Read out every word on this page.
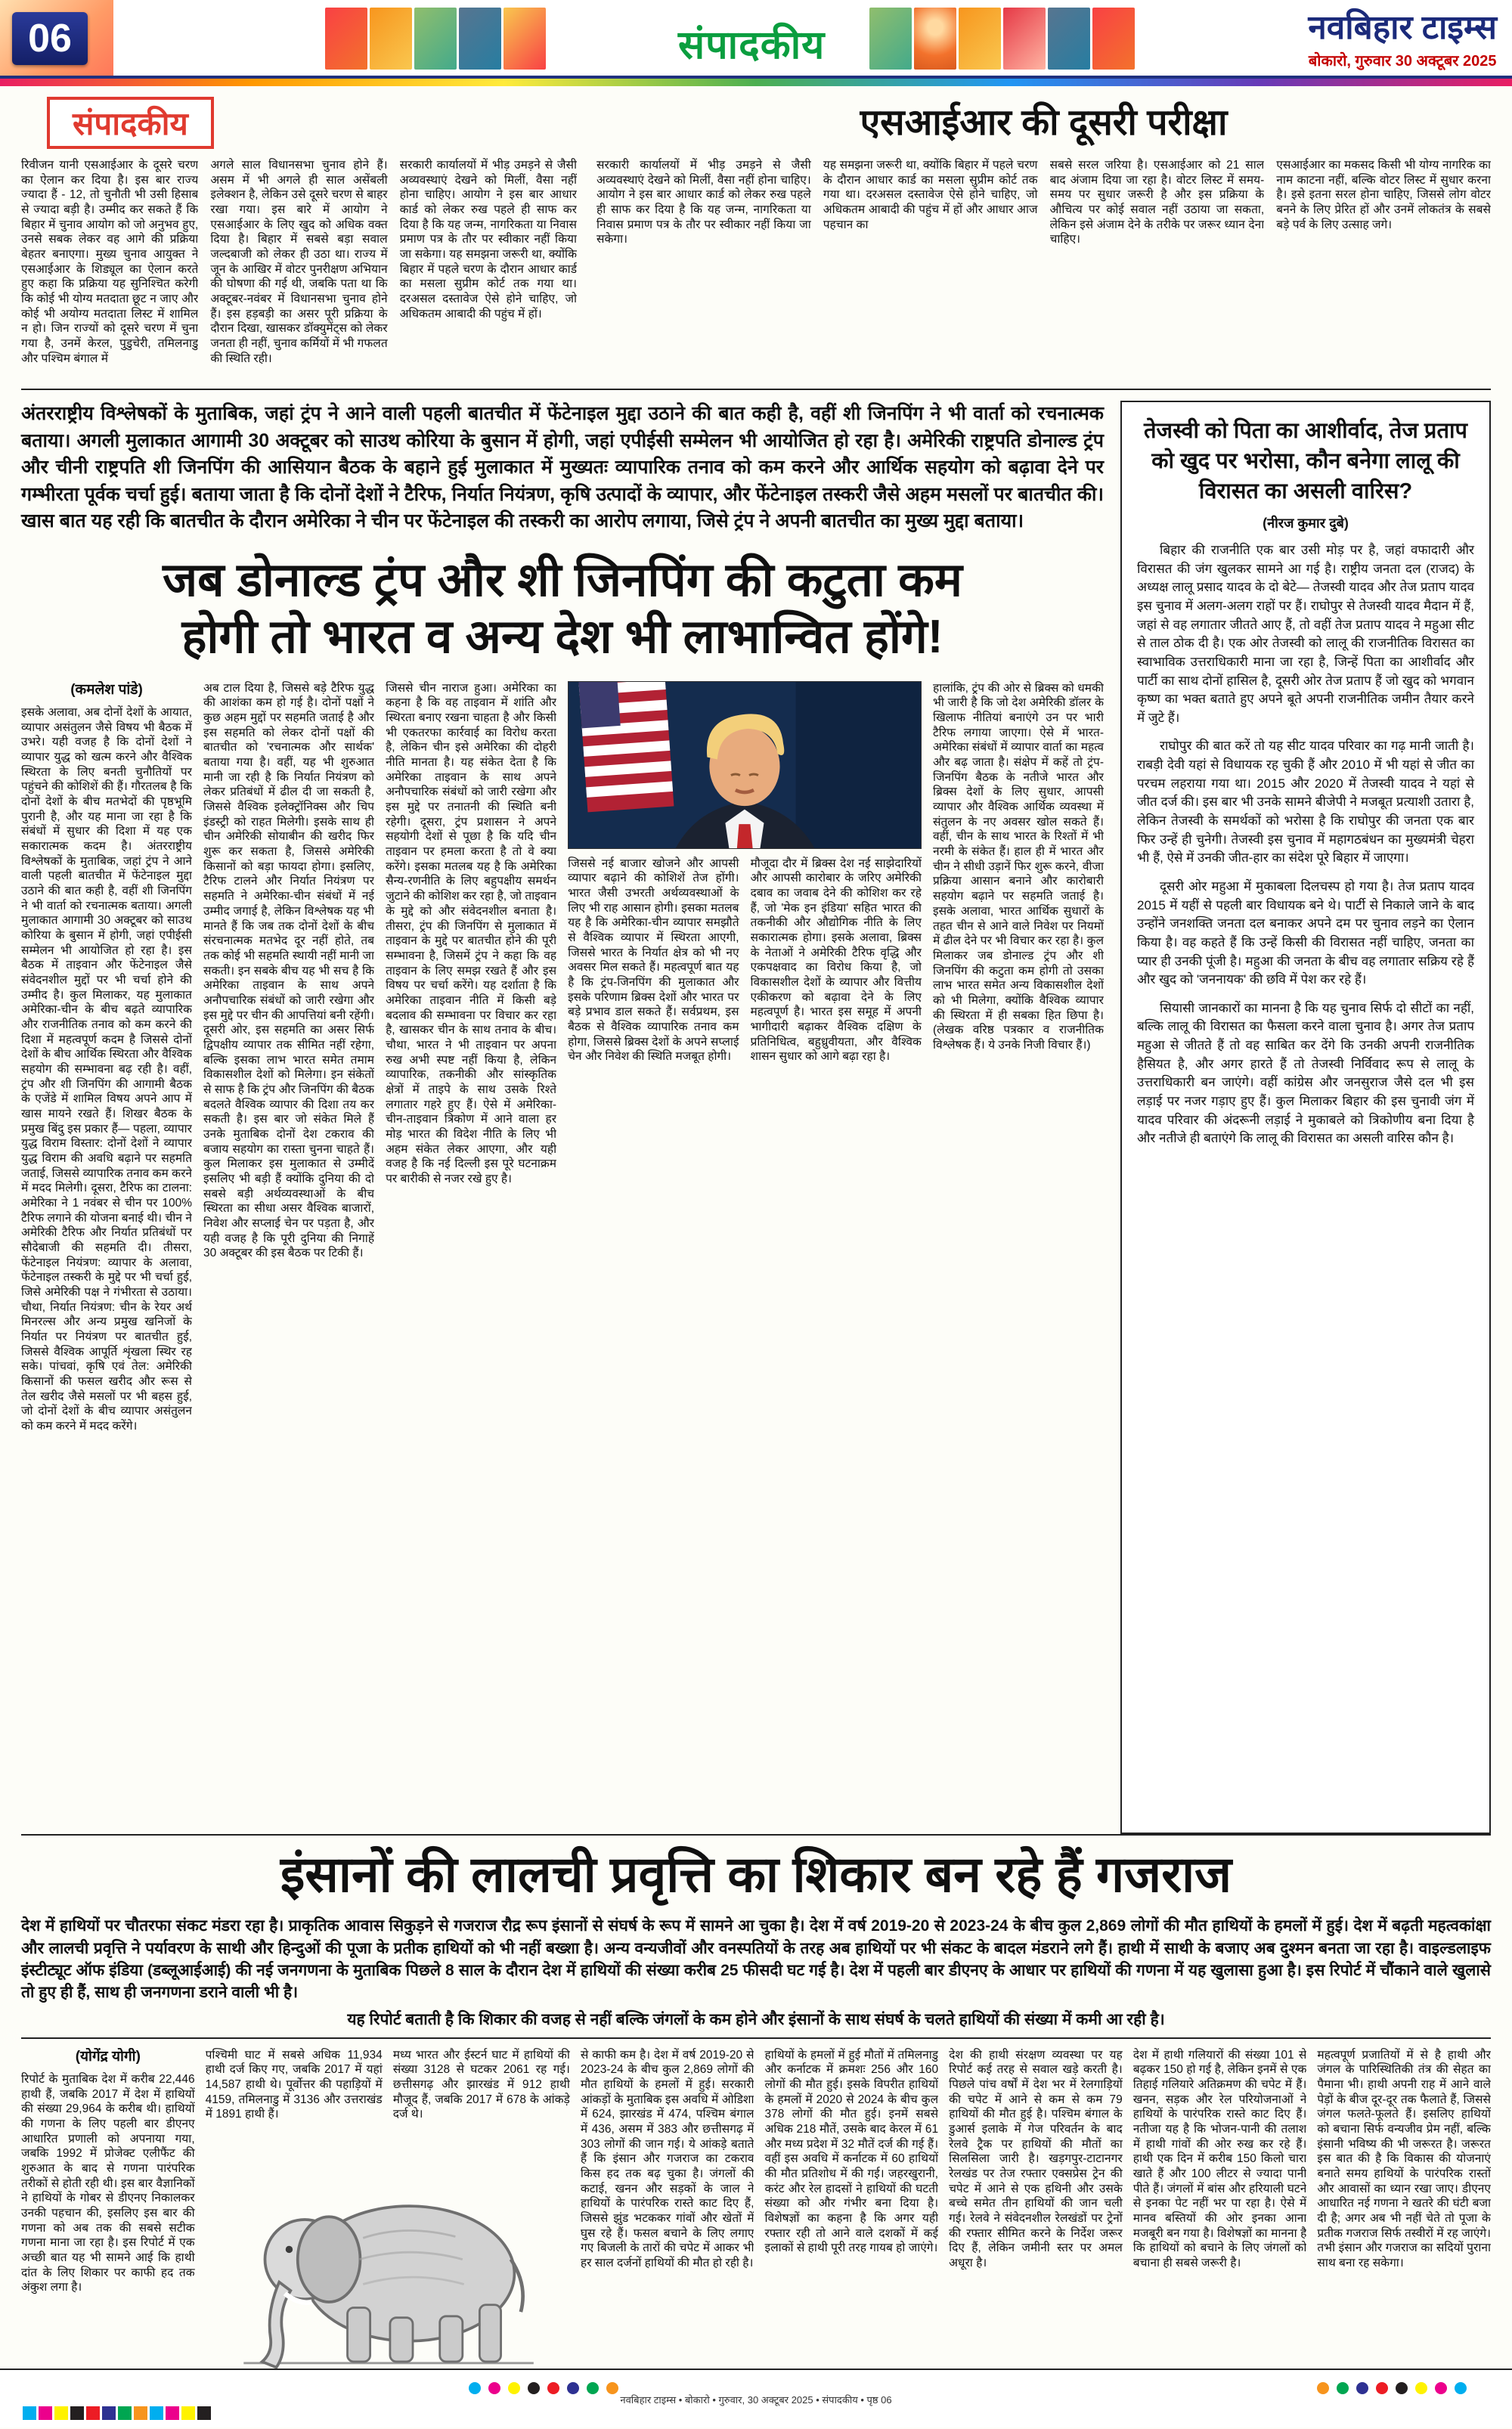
06	संपादकीय	नवबिहार टाइम्स
बोकारो, गुरुवार 30 अक्टूबर 2025
संपादकीय
रिवीजन यानी एसआईआर के दूसरे चरण का ऐलान कर दिया है। इस बार राज्य ज्यादा हैं - 12, तो चुनौती भी उसी हिसाब से ज्यादा बड़ी है। उम्मीद कर सकते हैं कि बिहार में चुनाव आयोग को जो अनुभव हुए, उनसे सबक लेकर वह आगे की प्रक्रिया बेहतर बनाएगा। मुख्य चुनाव आयुक्त ने एसआईआर के शिड्यूल का ऐलान करते हुए कहा कि प्रक्रिया यह सुनिश्चित करेगी कि कोई भी योग्य मतदाता छूट न जाए और कोई भी अयोग्य मतदाता लिस्ट में शामिल न हो। जिन राज्यों को दूसरे चरण में चुना गया है, उनमें केरल, पुडुचेरी, तमिलनाडु और पश्चिम बंगाल में
अगले साल विधानसभा चुनाव होने हैं। असम में भी अगले ही साल असेंबली इलेक्शन है, लेकिन उसे दूसरे चरण से बाहर रखा गया। इस बारे में आयोग ने एसआईआर के लिए खुद को अधिक वक्त दिया है। बिहार में सबसे बड़ा सवाल जल्दबाजी को लेकर ही उठा था। राज्य में जून के आखिर में वोटर पुनरीक्षण अभियान की घोषणा की गई थी, जबकि पता था कि अक्टूबर-नवंबर में विधानसभा चुनाव होने हैं। इस हड़बड़ी का असर पूरी प्रक्रिया के दौरान दिखा, खासकर डॉक्युमेंट्स को लेकर जनता ही नहीं, चुनाव कर्मियों में भी गफलत की स्थिति रही।
सरकारी कार्यालयों में भीड़ उमड़ने से जैसी अव्यवस्थाएं देखने को मिलीं, वैसा नहीं होना चाहिए। आयोग ने इस बार आधार कार्ड को लेकर रुख पहले ही साफ कर दिया है कि यह जन्म, नागरिकता या निवास प्रमाण पत्र के तौर पर स्वीकार नहीं किया जा सकेगा। यह समझना जरूरी था, क्योंकि बिहार में पहले चरण के दौरान आधार कार्ड का मसला सुप्रीम कोर्ट तक गया था। दरअसल दस्तावेज ऐसे होने चाहिए, जो अधिकतम आबादी की पहुंच में हों।
एसआईआर की दूसरी परीक्षा
सरकारी कार्यालयों में भीड़ उमड़ने से जैसी अव्यवस्थाएं देखने को मिलीं, वैसा नहीं होना चाहिए। आयोग ने इस बार आधार कार्ड को लेकर रुख पहले ही साफ कर दिया है कि यह जन्म, नागरिकता या निवास प्रमाण पत्र के तौर पर स्वीकार नहीं किया जा सकेगा।
यह समझना जरूरी था, क्योंकि बिहार में पहले चरण के दौरान आधार कार्ड का मसला सुप्रीम कोर्ट तक गया था। दरअसल दस्तावेज ऐसे होने चाहिए, जो अधिकतम आबादी की पहुंच में हों और आधार आज पहचान का
सबसे सरल जरिया है। एसआईआर को 21 साल बाद अंजाम दिया जा रहा है। वोटर लिस्ट में समय-समय पर सुधार जरूरी है और इस प्रक्रिया के औचित्य पर कोई सवाल नहीं उठाया जा सकता, लेकिन इसे अंजाम देने के तरीके पर जरूर ध्यान देना चाहिए।
एसआईआर का मकसद किसी भी योग्य नागरिक का नाम काटना नहीं, बल्कि वोटर लिस्ट में सुधार करना है। इसे इतना सरल होना चाहिए, जिससे लोग वोटर बनने के लिए प्रेरित हों और उनमें लोकतंत्र के सबसे बड़े पर्व के लिए उत्साह जगे।

अंतरराष्ट्रीय विश्लेषकों के मुताबिक, जहां ट्रंप ने आने वाली पहली बातचीत में फेंटेनाइल मुद्दा उठाने की बात कही है, वहीं शी जिनपिंग ने भी वार्ता को रचनात्मक बताया। अगली मुलाकात आगामी 30 अक्टूबर को साउथ कोरिया के बुसान में होगी, जहां एपीईसी सम्मेलन भी आयोजित हो रहा है। अमेरिकी राष्ट्रपति डोनाल्ड ट्रंप और चीनी राष्ट्रपति शी जिनपिंग की आसियान बैठक के बहाने हुई मुलाकात में मुख्यतः व्यापारिक तनाव को कम करने और आर्थिक सहयोग को बढ़ावा देने पर गम्भीरता पूर्वक चर्चा हुई। बताया जाता है कि दोनों देशों ने टैरिफ, निर्यात नियंत्रण, कृषि उत्पादों के व्यापार, और फेंटेनाइल तस्करी जैसे अहम मसलों पर बातचीत की। खास बात यह रही कि बातचीत के दौरान अमेरिका ने चीन पर फेंटेनाइल की तस्करी का आरोप लगाया, जिसे ट्रंप ने अपनी बातचीत का मुख्य मुद्दा बताया।

जब डोनाल्ड ट्रंप और शी जिनपिंग की कटुता कम
होगी तो भारत व अन्य देश भी लाभान्वित होंगे!
(कमलेश पांडे)
इसके अलावा, अब दोनों देशों के आयात, व्यापार असंतुलन जैसे विषय भी बैठक में उभरे। यही वजह है कि दोनों देशों ने व्यापार युद्ध को खत्म करने और वैश्विक स्थिरता के लिए बनती चुनौतियों पर पहुंचने की कोशिशें की हैं। गौरतलब है कि दोनों देशों के बीच मतभेदों की पृष्ठभूमि पुरानी है, और यह माना जा रहा है कि संबंधों में सुधार की दिशा में यह एक सकारात्मक कदम है। अंतरराष्ट्रीय विश्लेषकों के मुताबिक, जहां ट्रंप ने आने वाली पहली बातचीत में फेंटेनाइल मुद्दा उठाने की बात कही है, वहीं शी जिनपिंग ने भी वार्ता को रचनात्मक बताया। अगली मुलाकात आगामी 30 अक्टूबर को साउथ कोरिया के बुसान में होगी, जहां एपीईसी सम्मेलन भी आयोजित हो रहा है। इस बैठक में ताइवान और फेंटेनाइल जैसे संवेदनशील मुद्दों पर भी चर्चा होने की उम्मीद है। कुल मिलाकर, यह मुलाकात अमेरिका-चीन के बीच बढ़ते व्यापारिक और राजनीतिक तनाव को कम करने की दिशा में महत्वपूर्ण कदम है जिससे दोनों देशों के बीच आर्थिक स्थिरता और वैश्विक सहयोग की सम्भावना बढ़ रही है। वहीं, ट्रंप और शी जिनपिंग की आगामी बैठक के एजेंडे में शामिल विषय अपने आप में खास मायने रखते हैं। शिखर बैठक के प्रमुख बिंदु इस प्रकार हैं— पहला, व्यापार युद्ध विराम विस्तार: दोनों देशों ने व्यापार युद्ध विराम की अवधि बढ़ाने पर सहमति जताई, जिससे व्यापारिक तनाव कम करने में मदद मिलेगी। दूसरा, टैरिफ का टालना: अमेरिका ने 1 नवंबर से चीन पर 100% टैरिफ लगाने की योजना बनाई थी। चीन ने अमेरिकी टैरिफ और निर्यात प्रतिबंधों पर सौदेबाजी की सहमति दी। तीसरा, फेंटेनाइल नियंत्रण: व्यापार के अलावा, फेंटेनाइल तस्करी के मुद्दे पर भी चर्चा हुई, जिसे अमेरिकी पक्ष ने गंभीरता से उठाया। चौथा, निर्यात नियंत्रण: चीन के रेयर अर्थ मिनरल्स और अन्य प्रमुख खनिजों के निर्यात पर नियंत्रण पर बातचीत हुई, जिससे वैश्विक आपूर्ति शृंखला स्थिर रह सके। पांचवां, कृषि एवं तेल: अमेरिकी किसानों की फसल खरीद और रूस से तेल खरीद जैसे मसलों पर भी बहस हुई, जो दोनों देशों के बीच व्यापार असंतुलन को कम करने में मदद करेंगे।
अब टाल दिया है, जिससे बड़े टैरिफ युद्ध की आशंका कम हो गई है। दोनों पक्षों ने कुछ अहम मुद्दों पर सहमति जताई है और इस सहमति को लेकर दोनों पक्षों की बातचीत को 'रचनात्मक और सार्थक' बताया गया है। वहीं, यह भी शुरुआत मानी जा रही है कि निर्यात नियंत्रण को लेकर प्रतिबंधों में ढील दी जा सकती है, जिससे वैश्विक इलेक्ट्रॉनिक्स और चिप इंडस्ट्री को राहत मिलेगी। इसके साथ ही चीन अमेरिकी सोयाबीन की खरीद फिर शुरू कर सकता है, जिससे अमेरिकी किसानों को बड़ा फायदा होगा। इसलिए, टैरिफ टालने और निर्यात नियंत्रण पर सहमति ने अमेरिका-चीन संबंधों में नई उम्मीद जगाई है, लेकिन विश्लेषक यह भी मानते हैं कि जब तक दोनों देशों के बीच संरचनात्मक मतभेद दूर नहीं होते, तब तक कोई भी सहमति स्थायी नहीं मानी जा सकती। इन सबके बीच यह भी सच है कि अमेरिका ताइवान के साथ अपने अनौपचारिक संबंधों को जारी रखेगा और इस मुद्दे पर चीन की आपत्तियां बनी रहेंगी। दूसरी ओर, इस सहमति का असर सिर्फ द्विपक्षीय व्यापार तक सीमित नहीं रहेगा, बल्कि इसका लाभ भारत समेत तमाम विकासशील देशों को मिलेगा। इन संकेतों से साफ है कि ट्रंप और जिनपिंग की बैठक बदलते वैश्विक व्यापार की दिशा तय कर सकती है। इस बार जो संकेत मिले हैं उनके मुताबिक दोनों देश टकराव की बजाय सहयोग का रास्ता चुनना चाहते हैं। कुल मिलाकर इस मुलाकात से उम्मीदें इसलिए भी बड़ी हैं क्योंकि दुनिया की दो सबसे बड़ी अर्थव्यवस्थाओं के बीच स्थिरता का सीधा असर वैश्विक बाजारों, निवेश और सप्लाई चेन पर पड़ता है, और यही वजह है कि पूरी दुनिया की निगाहें 30 अक्टूबर की इस बैठक पर टिकी हैं।
जिससे चीन नाराज हुआ। अमेरिका का कहना है कि वह ताइवान में शांति और स्थिरता बनाए रखना चाहता है और किसी भी एकतरफा कार्रवाई का विरोध करता है, लेकिन चीन इसे अमेरिका की दोहरी नीति मानता है। यह संकेत देता है कि अमेरिका ताइवान के साथ अपने अनौपचारिक संबंधों को जारी रखेगा और इस मुद्दे पर तनातनी की स्थिति बनी रहेगी। दूसरा, ट्रंप प्रशासन ने अपने सहयोगी देशों से पूछा है कि यदि चीन ताइवान पर हमला करता है तो वे क्या करेंगे। इसका मतलब यह है कि अमेरिका सैन्य-रणनीति के लिए बहुपक्षीय समर्थन जुटाने की कोशिश कर रहा है, जो ताइवान के मुद्दे को और संवेदनशील बनाता है। तीसरा, ट्रंप की जिनपिंग से मुलाकात में ताइवान के मुद्दे पर बातचीत होने की पूरी सम्भावना है, जिसमें ट्रंप ने कहा कि वह ताइवान के लिए समझ रखते हैं और इस विषय पर चर्चा करेंगे। यह दर्शाता है कि अमेरिका ताइवान नीति में किसी बड़े बदलाव की सम्भावना पर विचार कर रहा है, खासकर चीन के साथ तनाव के बीच। चौथा, भारत ने भी ताइवान पर अपना रुख अभी स्पष्ट नहीं किया है, लेकिन व्यापारिक, तकनीकी और सांस्कृतिक क्षेत्रों में ताइपे के साथ उसके रिश्ते लगातार गहरे हुए हैं। ऐसे में अमेरिका-चीन-ताइवान त्रिकोण में आने वाला हर मोड़ भारत की विदेश नीति के लिए भी अहम संकेत लेकर आएगा, और यही वजह है कि नई दिल्ली इस पूरे घटनाक्रम पर बारीकी से नजर रखे हुए है।
जिससे नई बाजार खोजने और आपसी व्यापार बढ़ाने की कोशिशें तेज होंगी। भारत जैसी उभरती अर्थव्यवस्थाओं के लिए भी राह आसान होगी। इसका मतलब यह है कि अमेरिका-चीन व्यापार समझौते से वैश्विक व्यापार में स्थिरता आएगी, जिससे भारत के निर्यात क्षेत्र को भी नए अवसर मिल सकते हैं। महत्वपूर्ण बात यह है कि ट्रंप-जिनपिंग की मुलाकात और इसके परिणाम ब्रिक्स देशों और भारत पर बड़े प्रभाव डाल सकते हैं। सर्वप्रथम, इस बैठक से वैश्विक व्यापारिक तनाव कम होगा, जिससे ब्रिक्स देशों के अपने सप्लाई चेन और निवेश की स्थिति मजबूत होगी।
मौजूदा दौर में ब्रिक्स देश नई साझेदारियों और आपसी कारोबार के जरिए अमेरिकी दबाव का जवाब देने की कोशिश कर रहे हैं, जो 'मेक इन इंडिया' सहित भारत की तकनीकी और औद्योगिक नीति के लिए सकारात्मक होगा। इसके अलावा, ब्रिक्स के नेताओं ने अमेरिकी टैरिफ वृद्धि और एकपक्षवाद का विरोध किया है, जो विकासशील देशों के व्यापार और वित्तीय एकीकरण को बढ़ावा देने के लिए महत्वपूर्ण है। भारत इस समूह में अपनी भागीदारी बढ़ाकर वैश्विक दक्षिण के प्रतिनिधित्व, बहुध्रुवीयता, और वैश्विक शासन सुधार को आगे बढ़ा रहा है।
हालांकि, ट्रंप की ओर से ब्रिक्स को धमकी भी जारी है कि जो देश अमेरिकी डॉलर के खिलाफ नीतियां बनाएंगे उन पर भारी टैरिफ लगाया जाएगा। ऐसे में भारत-अमेरिका संबंधों में व्यापार वार्ता का महत्व और बढ़ जाता है। संक्षेप में कहें तो ट्रंप-जिनपिंग बैठक के नतीजे भारत और ब्रिक्स देशों के लिए सुधार, आपसी व्यापार और वैश्विक आर्थिक व्यवस्था में संतुलन के नए अवसर खोल सकते हैं। वहीं, चीन के साथ भारत के रिश्तों में भी नरमी के संकेत हैं। हाल ही में भारत और चीन ने सीधी उड़ानें फिर शुरू करने, वीजा प्रक्रिया आसान बनाने और कारोबारी सहयोग बढ़ाने पर सहमति जताई है। इसके अलावा, भारत आर्थिक सुधारों के तहत चीन से आने वाले निवेश पर नियमों में ढील देने पर भी विचार कर रहा है। कुल मिलाकर जब डोनाल्ड ट्रंप और शी जिनपिंग की कटुता कम होगी तो उसका लाभ भारत समेत अन्य विकासशील देशों को भी मिलेगा, क्योंकि वैश्विक व्यापार की स्थिरता में ही सबका हित छिपा है। (लेखक वरिष्ठ पत्रकार व राजनीतिक विश्लेषक हैं। ये उनके निजी विचार हैं।)
तेजस्वी को पिता का आशीर्वाद, तेज प्रताप को खुद पर भरोसा, कौन बनेगा लालू की विरासत का असली वारिस?
(नीरज कुमार दुबे)

बिहार की राजनीति एक बार उसी मोड़ पर है, जहां वफादारी और विरासत की जंग खुलकर सामने आ गई है। राष्ट्रीय जनता दल (राजद) के अध्यक्ष लालू प्रसाद यादव के दो बेटे— तेजस्वी यादव और तेज प्रताप यादव इस चुनाव में अलग-अलग राहों पर हैं। राघोपुर से तेजस्वी यादव मैदान में हैं, जहां से वह लगातार जीतते आए हैं, तो वहीं तेज प्रताप यादव ने महुआ सीट से ताल ठोक दी है। एक ओर तेजस्वी को लालू की राजनीतिक विरासत का स्वाभाविक उत्तराधिकारी माना जा रहा है, जिन्हें पिता का आशीर्वाद और पार्टी का साथ दोनों हासिल है, दूसरी ओर तेज प्रताप हैं जो खुद को भगवान कृष्ण का भक्त बताते हुए अपने बूते अपनी राजनीतिक जमीन तैयार करने में जुटे हैं।

राघोपुर की बात करें तो यह सीट यादव परिवार का गढ़ मानी जाती है। राबड़ी देवी यहां से विधायक रह चुकी हैं और 2010 में भी यहां से जीत का परचम लहराया गया था। 2015 और 2020 में तेजस्वी यादव ने यहां से जीत दर्ज की। इस बार भी उनके सामने बीजेपी ने मजबूत प्रत्याशी उतारा है, लेकिन तेजस्वी के समर्थकों को भरोसा है कि राघोपुर की जनता एक बार फिर उन्हें ही चुनेगी। तेजस्वी इस चुनाव में महागठबंधन का मुख्यमंत्री चेहरा भी हैं, ऐसे में उनकी जीत-हार का संदेश पूरे बिहार में जाएगा।

दूसरी ओर महुआ में मुकाबला दिलचस्प हो गया है। तेज प्रताप यादव 2015 में यहीं से पहली बार विधायक बने थे। पार्टी से निकाले जाने के बाद उन्होंने जनशक्ति जनता दल बनाकर अपने दम पर चुनाव लड़ने का ऐलान किया है। वह कहते हैं कि उन्हें किसी की विरासत नहीं चाहिए, जनता का प्यार ही उनकी पूंजी है। महुआ की जनता के बीच वह लगातार सक्रिय रहे हैं और खुद को 'जननायक' की छवि में पेश कर रहे हैं।

सियासी जानकारों का मानना है कि यह चुनाव सिर्फ दो सीटों का नहीं, बल्कि लालू की विरासत का फैसला करने वाला चुनाव है। अगर तेज प्रताप महुआ से जीतते हैं तो वह साबित कर देंगे कि उनकी अपनी राजनीतिक हैसियत है, और अगर हारते हैं तो तेजस्वी निर्विवाद रूप से लालू के उत्तराधिकारी बन जाएंगे। वहीं कांग्रेस और जनसुराज जैसे दल भी इस लड़ाई पर नजर गड़ाए हुए हैं। कुल मिलाकर बिहार की इस चुनावी जंग में यादव परिवार की अंदरूनी लड़ाई ने मुकाबले को त्रिकोणीय बना दिया है और नतीजे ही बताएंगे कि लालू की विरासत का असली वारिस कौन है।

इंसानों की लालची प्रवृत्ति का शिकार बन रहे हैं गजराज

देश में हाथियों पर चौतरफा संकट मंडरा रहा है। प्राकृतिक आवास सिकुड़ने से गजराज रौद्र रूप इंसानों से संघर्ष के रूप में सामने आ चुका है। देश में वर्ष 2019-20 से 2023-24 के बीच कुल 2,869 लोगों की मौत हाथियों के हमलों में हुई। देश में बढ़ती महत्वकांक्षा और लालची प्रवृत्ति ने पर्यावरण के साथी और हिन्दुओं की पूजा के प्रतीक हाथियों को भी नहीं बख्शा है। अन्य वन्यजीवों और वनस्पतियों के तरह अब हाथियों पर भी संकट के बादल मंडराने लगे हैं। हाथी में साथी के बजाए अब दुश्मन बनता जा रहा है। वाइल्डलाइफ इंस्टीट्यूट ऑफ इंडिया (डब्लूआईआई) की नई जनगणना के मुताबिक पिछले 8 साल के दौरान देश में हाथियों की संख्या करीब 25 फीसदी घट गई है। देश में पहली बार डीएनए के आधार पर हाथियों की गणना में यह खुलासा हुआ है। इस रिपोर्ट में चौंकाने वाले खुलासे तो हुए ही हैं, साथ ही जनगणना डराने वाली भी है।

यह रिपोर्ट बताती है कि शिकार की वजह से नहीं बल्कि जंगलों के कम होने और इंसानों के साथ संघर्ष के चलते हाथियों की संख्या में कमी आ रही है।

(योगेंद्र योगी)
रिपोर्ट के मुताबिक देश में करीब 22,446 हाथी हैं, जबकि 2017 में देश में हाथियों की संख्या 29,964 के करीब थी। हाथियों की गणना के लिए पहली बार डीएनए आधारित प्रणाली को अपनाया गया, जबकि 1992 में प्रोजेक्ट एलीफैंट की शुरुआत के बाद से गणना पारंपरिक तरीकों से होती रही थी। इस बार वैज्ञानिकों ने हाथियों के गोबर से डीएनए निकालकर उनकी पहचान की, इसलिए इस बार की गणना को अब तक की सबसे सटीक गणना माना जा रहा है। इस रिपोर्ट में एक अच्छी बात यह भी सामने आई कि हाथी दांत के लिए शिकार पर काफी हद तक अंकुश लगा है।
पश्चिमी घाट में सबसे अधिक 11,934 हाथी दर्ज किए गए, जबकि 2017 में यहां 14,587 हाथी थे। पूर्वोत्तर की पहाड़ियों में 4159, तमिलनाडु में 3136 और उत्तराखंड में 1891 हाथी हैं।
मध्य भारत और ईस्टर्न घाट में हाथियों की संख्या 3128 से घटकर 2061 रह गई। छत्तीसगढ़ और झारखंड में 912 हाथी मौजूद हैं, जबकि 2017 में 678 के आंकड़े दर्ज थे।
से काफी कम है। देश में वर्ष 2019-20 से 2023-24 के बीच कुल 2,869 लोगों की मौत हाथियों के हमलों में हुई। सरकारी आंकड़ों के मुताबिक इस अवधि में ओडिशा में 624, झारखंड में 474, पश्चिम बंगाल में 436, असम में 383 और छत्तीसगढ़ में 303 लोगों की जान गई। ये आंकड़े बताते हैं कि इंसान और गजराज का टकराव किस हद तक बढ़ चुका है। जंगलों की कटाई, खनन और सड़कों के जाल ने हाथियों के पारंपरिक रास्ते काट दिए हैं, जिससे झुंड भटककर गांवों और खेतों में घुस रहे हैं। फसल बचाने के लिए लगाए गए बिजली के तारों की चपेट में आकर भी हर साल दर्जनों हाथियों की मौत हो रही है।
हाथियों के हमलों में हुई मौतों में तमिलनाडु और कर्नाटक में क्रमशः 256 और 160 लोगों की मौत हुई। इसके विपरीत हाथियों के हमलों में 2020 से 2024 के बीच कुल 378 लोगों की मौत हुई। इनमें सबसे अधिक 218 मौतें, उसके बाद केरल में 61 और मध्य प्रदेश में 32 मौतें दर्ज की गई हैं। वहीं इस अवधि में कर्नाटक में 60 हाथियों की मौत प्रतिशोध में की गई। जहरखुरानी, करंट और रेल हादसों ने हाथियों की घटती संख्या को और गंभीर बना दिया है। विशेषज्ञों का कहना है कि अगर यही रफ्तार रही तो आने वाले दशकों में कई इलाकों से हाथी पूरी तरह गायब हो जाएंगे।
देश की हाथी संरक्षण व्यवस्था पर यह रिपोर्ट कई तरह से सवाल खड़े करती है। पिछले पांच वर्षों में देश भर में रेलगाड़ियों की चपेट में आने से कम से कम 79 हाथियों की मौत हुई है। पश्चिम बंगाल के डुआर्स इलाके में गेज परिवर्तन के बाद रेलवे ट्रैक पर हाथियों की मौतों का सिलसिला जारी है। खड़गपुर-टाटानगर रेलखंड पर तेज रफ्तार एक्सप्रेस ट्रेन की चपेट में आने से एक हथिनी और उसके बच्चे समेत तीन हाथियों की जान चली गई। रेलवे ने संवेदनशील रेलखंडों पर ट्रेनों की रफ्तार सीमित करने के निर्देश जरूर दिए हैं, लेकिन जमीनी स्तर पर अमल अधूरा है।
देश में हाथी गलियारों की संख्या 101 से बढ़कर 150 हो गई है, लेकिन इनमें से एक तिहाई गलियारे अतिक्रमण की चपेट में हैं। खनन, सड़क और रेल परियोजनाओं ने हाथियों के पारंपरिक रास्ते काट दिए हैं। नतीजा यह है कि भोजन-पानी की तलाश में हाथी गांवों की ओर रुख कर रहे हैं। हाथी एक दिन में करीब 150 किलो चारा खाते हैं और 100 लीटर से ज्यादा पानी पीते हैं। जंगलों में बांस और हरियाली घटने से इनका पेट नहीं भर पा रहा है। ऐसे में मानव बस्तियों की ओर इनका आना मजबूरी बन गया है। विशेषज्ञों का मानना है कि हाथियों को बचाने के लिए जंगलों को बचाना ही सबसे जरूरी है।
महत्वपूर्ण प्रजातियों में से है हाथी और जंगल के पारिस्थितिकी तंत्र की सेहत का पैमाना भी। हाथी अपनी राह में आने वाले पेड़ों के बीज दूर-दूर तक फैलाते हैं, जिससे जंगल फलते-फूलते हैं। इसलिए हाथियों को बचाना सिर्फ वन्यजीव प्रेम नहीं, बल्कि इंसानी भविष्य की भी जरूरत है। जरूरत इस बात की है कि विकास की योजनाएं बनाते समय हाथियों के पारंपरिक रास्तों और आवासों का ध्यान रखा जाए। डीएनए आधारित नई गणना ने खतरे की घंटी बजा दी है; अगर अब भी नहीं चेते तो पूजा के प्रतीक गजराज सिर्फ तस्वीरों में रह जाएंगे। तभी इंसान और गजराज का सदियों पुराना साथ बना रह सकेगा।
नवबिहार टाइम्स • बोकारो • गुरुवार, 30 अक्टूबर 2025 • संपादकीय • पृष्ठ 06
